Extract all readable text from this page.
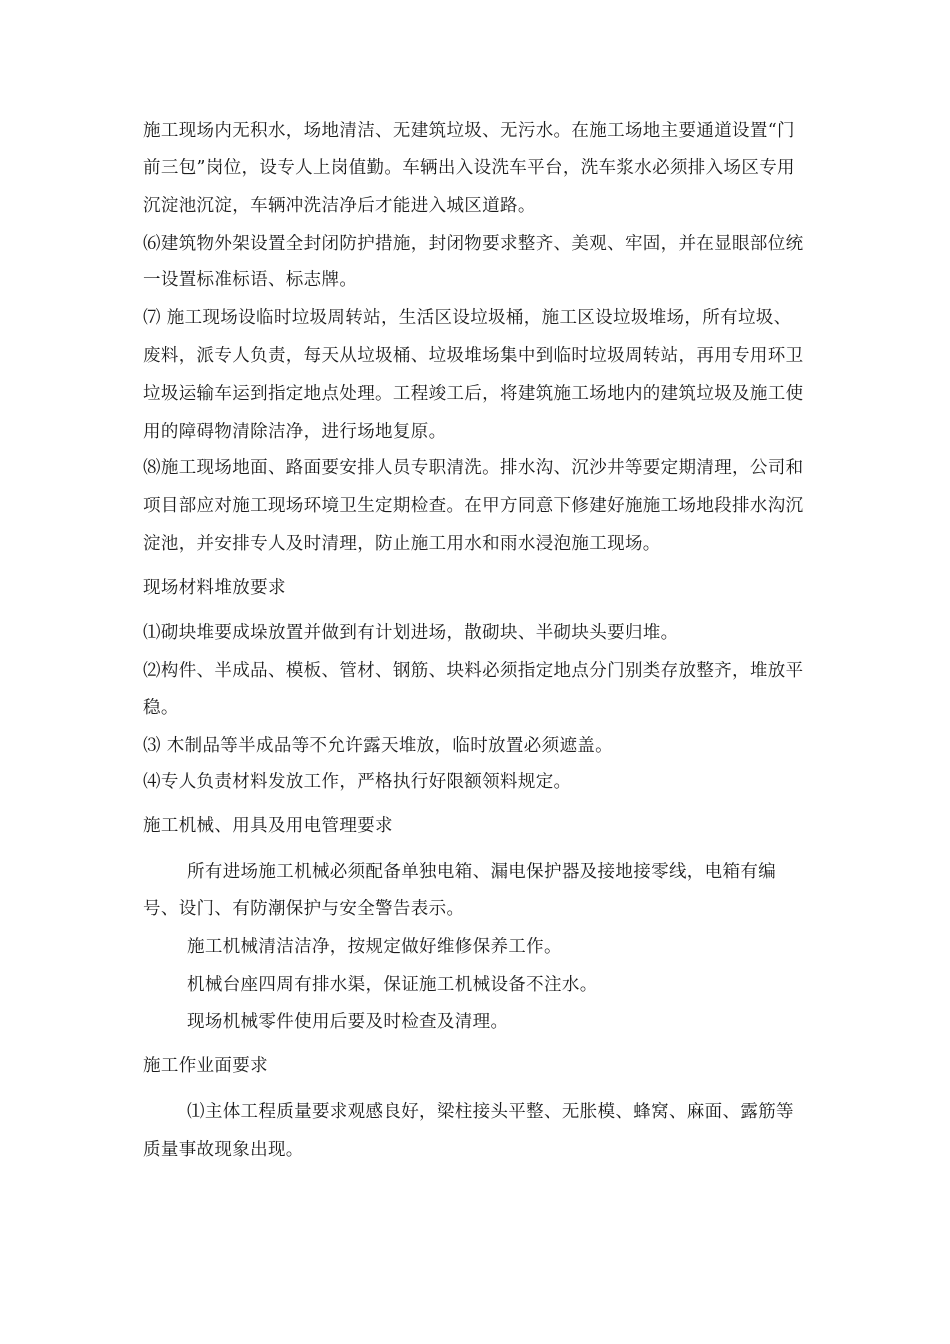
施工现场内无积水，场地清洁、无建筑垃圾、无污水。在施工场地主要通道设置“门
前三包”岗位，设专人上岗值勤。车辆出入设洗车平台，洗车浆水必须排入场区专用
沉淀池沉淀，车辆冲洗洁净后才能进入城区道路。
⑹建筑物外架设置全封闭防护措施，封闭物要求整齐、美观、牢固，并在显眼部位统
一设置标准标语、标志牌。
⑺ 施工现场设临时垃圾周转站，生活区设垃圾桶，施工区设垃圾堆场，所有垃圾、
废料，派专人负责，每天从垃圾桶、垃圾堆场集中到临时垃圾周转站，再用专用环卫
垃圾运输车运到指定地点处理。工程竣工后，将建筑施工场地内的建筑垃圾及施工使
用的障碍物清除洁净，进行场地复原。
⑻施工现场地面、路面要安排人员专职清洗。排水沟、沉沙井等要定期清理，公司和
项目部应对施工现场环境卫生定期检查。在甲方同意下修建好施施工场地段排水沟沉
淀池，并安排专人及时清理，防止施工用水和雨水浸泡施工现场。
现场材料堆放要求
⑴砌块堆要成垛放置并做到有计划进场，散砌块、半砌块头要归堆。
⑵构件、半成品、模板、管材、钢筋、块料必须指定地点分门别类存放整齐，堆放平
稳。
⑶ 木制品等半成品等不允许露天堆放，临时放置必须遮盖。
⑷专人负责材料发放工作，严格执行好限额领料规定。
施工机械、用具及用电管理要求
所有进场施工机械必须配备单独电箱、漏电保护器及接地接零线，电箱有编
号、设门、有防潮保护与安全警告表示。
施工机械清洁洁净，按规定做好维修保养工作。
机械台座四周有排水渠，保证施工机械设备不注水。
现场机械零件使用后要及时检查及清理。
施工作业面要求
⑴主体工程质量要求观感良好，梁柱接头平整、无胀模、蜂窝、麻面、露筋等
质量事故现象出现。
